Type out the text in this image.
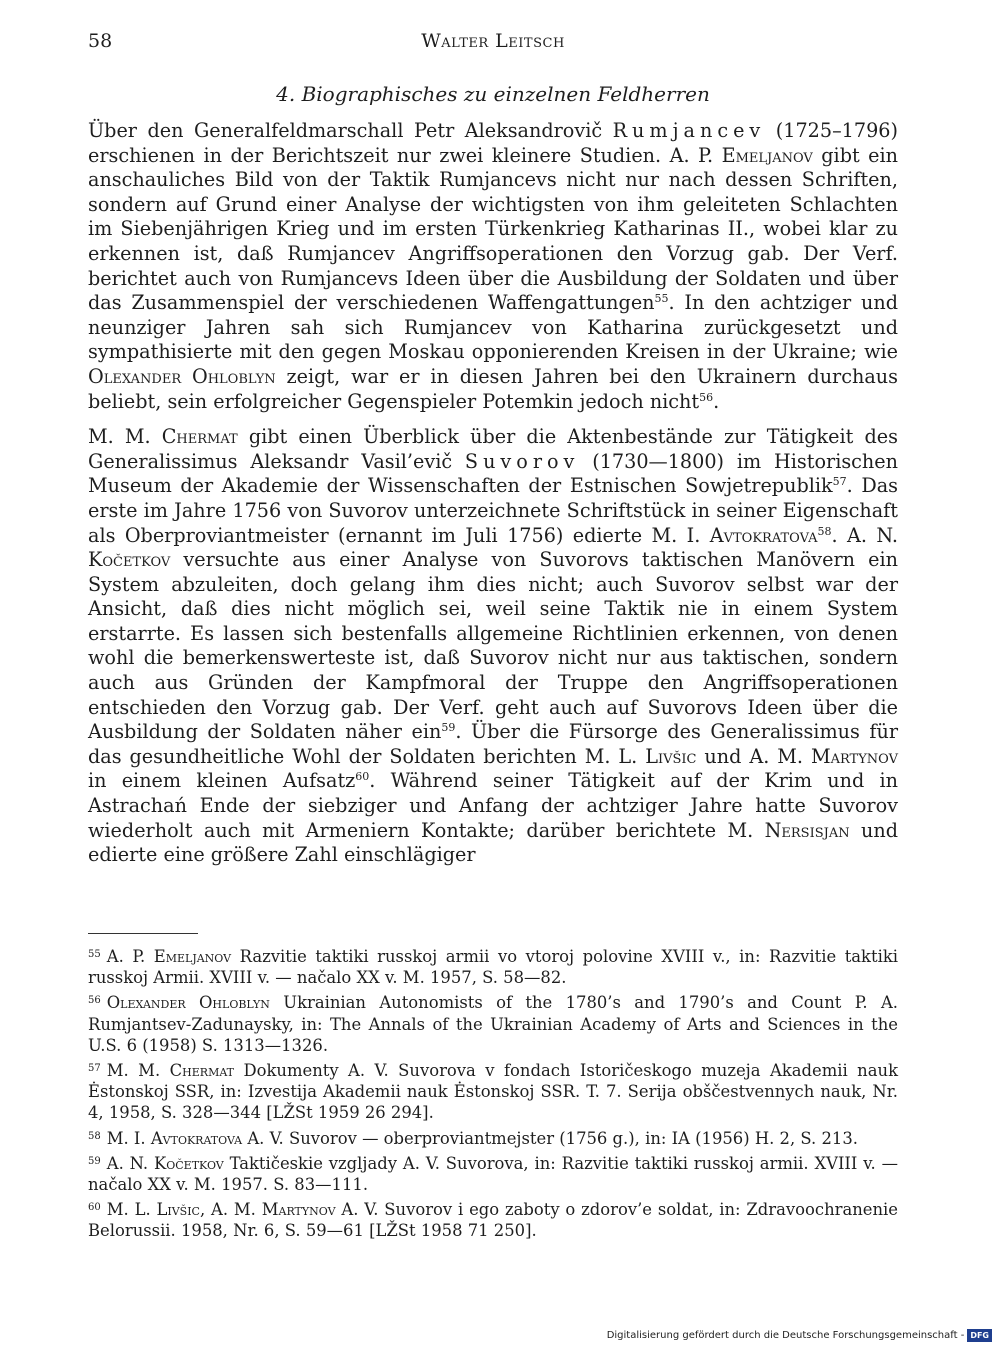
58	Walter Leitsch
4. Biographisches zu einzelnen Feldherren

Über den Generalfeldmarschall Petr Aleksandrovič Rumjancev (1725–1796) erschienen in der Berichtszeit nur zwei kleinere Studien. A. P. Emeljanov gibt ein anschauliches Bild von der Taktik Rumjancevs nicht nur nach dessen Schriften, sondern auf Grund einer Analyse der wichtigsten von ihm geleiteten Schlachten im Siebenjährigen Krieg und im ersten Türkenkrieg Katharinas II., wobei klar zu erkennen ist, daß Rumjancev Angriffsoperationen den Vorzug gab. Der Verf. berichtet auch von Rumjancevs Ideen über die Ausbildung der Soldaten und über das Zusammenspiel der verschiedenen Waffengattungen$^{55}$. In den achtziger und neunziger Jahren sah sich Rumjancev von Katharina zurückgesetzt und sympathisierte mit den gegen Moskau opponierenden Kreisen in der Ukraine; wie Olexander Ohloblyn zeigt, war er in diesen Jahren bei den Ukrainern durchaus beliebt, sein erfolgreicher Gegenspieler Potemkin jedoch nicht$^{56}$.

M. M. Chermat gibt einen Überblick über die Aktenbestände zur Tätigkeit des Generalissimus Aleksandr Vasil’evič Suvorov (1730—1800) im Historischen Museum der Akademie der Wissenschaften der Estnischen Sowjetrepublik$^{57}$. Das erste im Jahre 1756 von Suvorov unterzeichnete Schriftstück in seiner Eigenschaft als Oberproviantmeister (ernannt im Juli 1756) edierte M. I. Avtokratova$^{58}$. A. N. Kočetkov versuchte aus einer Analyse von Suvorovs taktischen Manövern ein System abzuleiten, doch gelang ihm dies nicht; auch Suvorov selbst war der Ansicht, daß dies nicht möglich sei, weil seine Taktik nie in einem System erstarrte. Es lassen sich bestenfalls allgemeine Richtlinien erkennen, von denen wohl die bemerkenswerteste ist, daß Suvorov nicht nur aus taktischen, sondern auch aus Gründen der Kampfmoral der Truppe den Angriffsoperationen entschieden den Vorzug gab. Der Verf. geht auch auf Suvorovs Ideen über die Ausbildung der Soldaten näher ein$^{59}$. Über die Fürsorge des Generalissimus für das gesundheitliche Wohl der Soldaten berichten M. L. Livšic und A. M. Martynov in einem kleinen Aufsatz$^{60}$. Während seiner Tätigkeit auf der Krim und in Astrachań Ende der siebziger und Anfang der achtziger Jahre hatte Suvorov wiederholt auch mit Armeniern Kontakte; darüber berichtete M. Nersisjan und edierte eine größere Zahl einschlägiger

$^{55}$ A. P. Emeljanov Razvitie taktiki russkoj armii vo vtoroj polovine XVIII v., in: Razvitie taktiki russkoj Armii. XVIII v. — načalo XX v. M. 1957, S. 58—82.
$^{56}$ Olexander Ohloblyn Ukrainian Autonomists of the 1780’s and 1790’s and Count P. A. Rumjantsev-Zadunaysky, in: The Annals of the Ukrainian Academy of Arts and Sciences in the U.S. 6 (1958) S. 1313—1326.
$^{57}$ M. M. Chermat Dokumenty A. V. Suvorova v fondach Istoričeskogo muzeja Akademii nauk Ėstonskoj SSR, in: Izvestija Akademii nauk Ėstonskoj SSR. T. 7. Serija obščestvennych nauk, Nr. 4, 1958, S. 328—344 [LŽSt 1959 26 294].
$^{58}$ M. I. Avtokratova A. V. Suvorov — oberproviantmejster (1756 g.), in: IA (1956) H. 2, S. 213.
$^{59}$ A. N. Kočetkov Taktičeskie vzgljady A. V. Suvorova, in: Razvitie taktiki russkoj armii. XVIII v. — načalo XX v. M. 1957. S. 83—111.
$^{60}$ M. L. Livšic, A. M. Martynov A. V. Suvorov i ego zaboty o zdorov’e soldat, in: Zdravoochranenie Belorussii. 1958, Nr. 6, S. 59—61 [LŽSt 1958 71 250].
Digitalisierung gefördert durch die Deutsche Forschungsgemeinschaft - DFG
